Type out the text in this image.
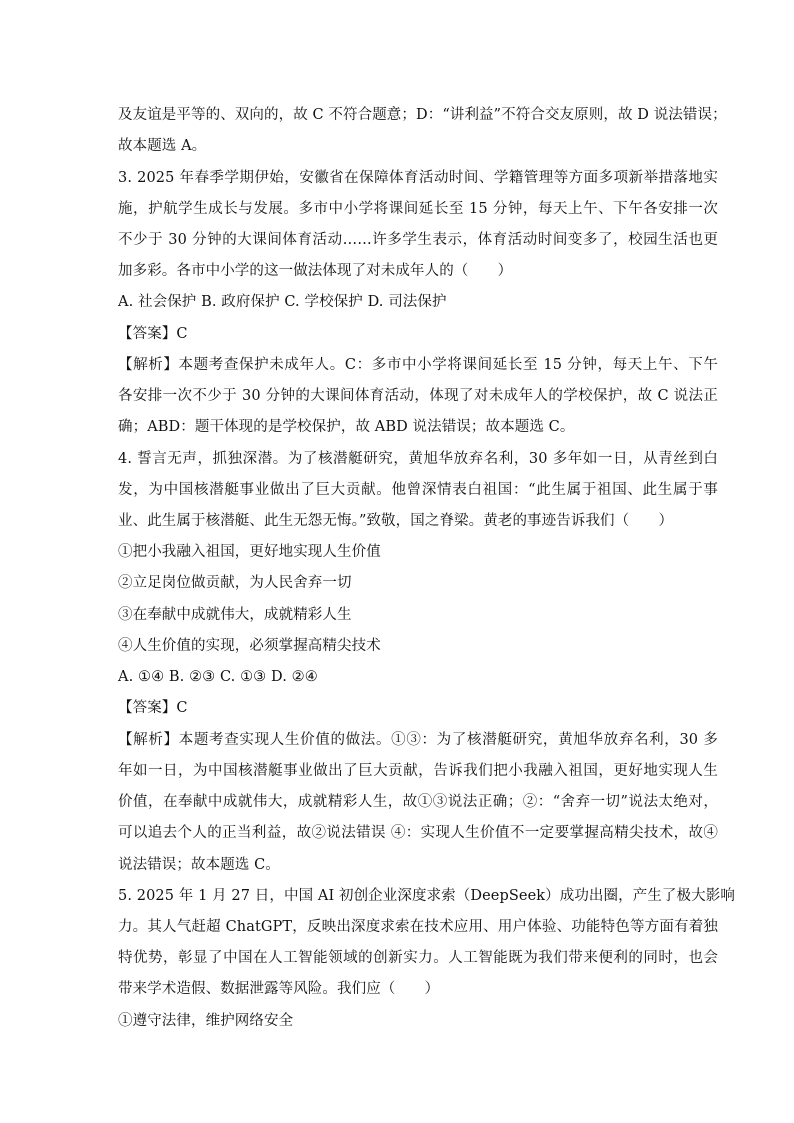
及友谊是平等的、双向的，故 C 不符合题意；D：“讲利益”不符合交友原则，故 D 说法错误；
故本题选 A。
3. 2025 年春季学期伊始，安徽省在保障体育活动时间、学籍管理等方面多项新举措落地实
施，护航学生成长与发展。多市中小学将课间延长至 15 分钟，每天上午、下午各安排一次
不少于 30 分钟的大课间体育活动……许多学生表示，体育活动时间变多了，校园生活也更
加多彩。各市中小学的这一做法体现了对未成年人的（　　）
A. 社会保护 B. 政府保护 C. 学校保护 D. 司法保护
【答案】C
【解析】本题考查保护未成年人。C：多市中小学将课间延长至 15 分钟，每天上午、下午
各安排一次不少于 30 分钟的大课间体育活动，体现了对未成年人的学校保护，故 C 说法正
确；ABD：题干体现的是学校保护，故 ABD 说法错误；故本题选 C。
4. 誓言无声，抓独深潜。为了核潜艇研究，黄旭华放弃名利，30 多年如一日，从青丝到白
发，为中国核潜艇事业做出了巨大贡献。他曾深情表白祖国：“此生属于祖国、此生属于事
业、此生属于核潜艇、此生无怨无悔。”致敬，国之脊梁。黄老的事迹告诉我们（　　）
①把小我融入祖国，更好地实现人生价值
②立足岗位做贡献，为人民舍弃一切
③在奉献中成就伟大，成就精彩人生
④人生价值的实现，必须掌握高精尖技术
A. ①④ B. ②③ C. ①③ D. ②④
【答案】C
【解析】本题考查实现人生价值的做法。①③：为了核潜艇研究，黄旭华放弃名利，30 多
年如一日，为中国核潜艇事业做出了巨大贡献，告诉我们把小我融入祖国，更好地实现人生
价值，在奉献中成就伟大，成就精彩人生，故①③说法正确；②：“舍弃一切”说法太绝对，
可以追去个人的正当利益，故②说法错误 ④：实现人生价值不一定要掌握高精尖技术，故④
说法错误；故本题选 C。
5. 2025 年 1 月 27 日，中国 AI 初创企业深度求索（DeepSeek）成功出圈，产生了极大影响
力。其人气赶超 ChatGPT，反映出深度求索在技术应用、用户体验、功能特色等方面有着独
特优势，彰显了中国在人工智能领域的创新实力。人工智能既为我们带来便利的同时，也会
带来学术造假、数据泄露等风险。我们应（　　）
①遵守法律，维护网络安全
